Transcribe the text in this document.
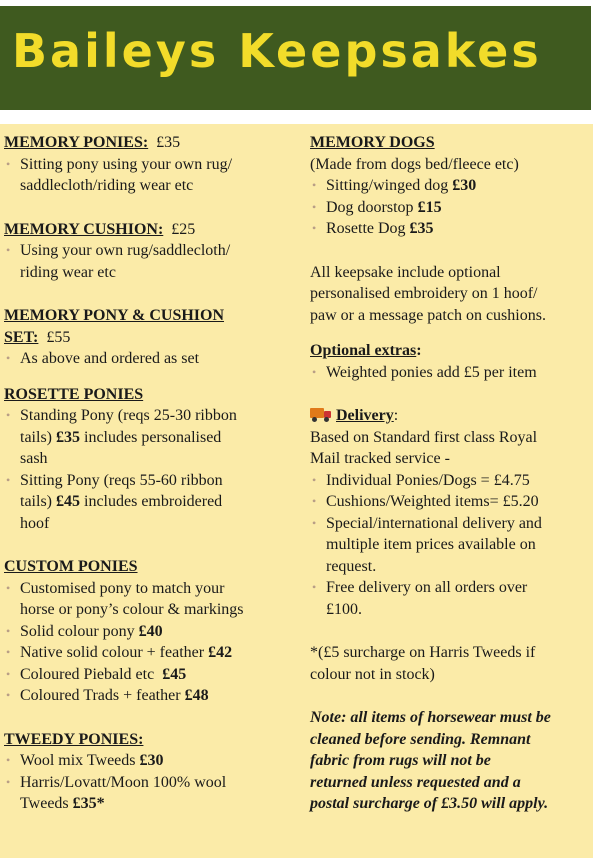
Baileys Keepsakes
MEMORY PONIES: £35
• Sitting pony using your own rug/
saddlecloth/riding wear etc
MEMORY CUSHION: £25
• Using your own rug/saddlecloth/
riding wear etc
MEMORY PONY & CUSHION
SET: £55
• As above and ordered as set
ROSETTE PONIES
• Standing Pony (reqs 25-30 ribbon
tails) £35 includes personalised
sash
• Sitting Pony (reqs 55-60 ribbon
tails) £45 includes embroidered
hoof
CUSTOM PONIES
• Customised pony to match your
horse or pony’s colour & markings
• Solid colour pony £40
• Native solid colour + feather £42
• Coloured Piebald etc  £45
• Coloured Trads + feather £48
TWEEDY PONIES:
• Wool mix Tweeds £30
• Harris/Lovatt/Moon 100% wool
Tweeds £35*
MEMORY DOGS
(Made from dogs bed/fleece etc)
• Sitting/winged dog £30
• Dog doorstop £15
• Rosette Dog £35
All keepsake include optional
personalised embroidery on 1 hoof/
paw or a message patch on cushions.
Optional extras:
• Weighted ponies add £5 per item
Delivery:
Based on Standard first class Royal
Mail tracked service -
• Individual Ponies/Dogs = £4.75
• Cushions/Weighted items= £5.20
• Special/international delivery and
multiple item prices available on
request.
• Free delivery on all orders over
£100.
*(£5 surcharge on Harris Tweeds if
colour not in stock)
Note: all items of horsewear must be
cleaned before sending. Remnant
fabric from rugs will not be
returned unless requested and a
postal surcharge of £3.50 will apply.
